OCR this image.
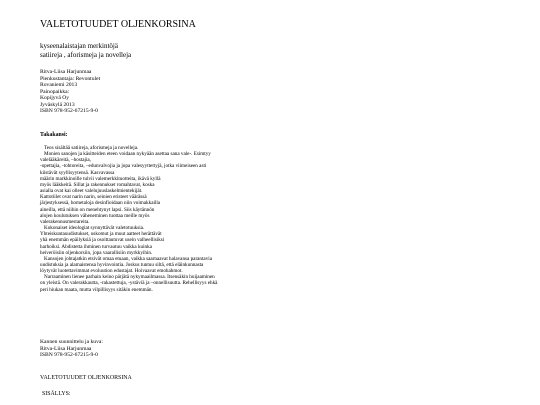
VALETOTUUDET OLJENKORSINA
kyseenalaistajan merkintöjä
satiireja , aforismeja ja novelleja
Ritva-Liisa Harjunmaa
Pienkustantaja: Revontulet
Rovaniemi 2013
Painopaikka:
Kopijyvä Oy
Jyväskylä 2013
ISBN 978-952-67215-9-0
Takakansi:
Teos sisältää satiireja, aforismeja ja novelleja.
Monien sanojen ja käsitteiden eteen voidaan nykyään asettaa sana vale-. Esimtyy
valelääkäreitä, –hostajia,
-opettajia, -tohtoreita, –edunvalvojia ja jopa valesyyttettyjä, jotka viimeiseen asti
kiistävät syyllisyytensä. Kasvavassa
määrin markkinoille tulvii valemerkkituotteita, ikävä kyllä
myös lääkkeitä. Sillat ja rakennukset romahtavat, koska
asialla ovat kai olleet valelujuuslaskelmientekijät.
Kattotiilet ovat narin narin, seinien eristeet väärässä
järjestyksessä, hometaloja desinfioidaan niin voimakkailla
aineilla, että niihin on menehtynyt lapsi. Siis käytännön
alojen koulutuksen väheneminen tuottaa meille myös
valerakennusmestareita.
Kokonaiset ideologiat synnyttävät valetotuuksia.
Yhteiskuntauudistukset, uskomut ja muut aatteet herättävät
yhä enemmän epäilyksiä ja osoittautuvat usein valheellisiksi
harhoiksi. Abdistetta ihminen turvautuu vaikka kuinka
heiveröisiin oljenkorsiin, jopa vaarallisiin myrkkyihin.
Kansojen johtajatkin etsivät omaa etuaan, vaikka saarnaavat halavansa parantavia
uudistuksia ja alamaistensa hyvinvointia. Joskus tuntuu siltä, että eläinkunnasta
löytyvät luotettavimmat evoluution edustajat. Hoivaavat emohahmot.
Narraaminen lienee parhain keino pärjätä nykymaailmassa. Itsensäkin huijaaminen
on yleistä. On valerakkautta, -rakastettuja, -ystäviä ja –onnellisuutta. Rehellisyys ehkä
peri hiukan maata, mutta vilpillisyys sitäkin enemmän.
Kannen suunnittelu ja kuva:
Ritva-Liisa Harjunmaa
ISBN 978-952-67215-9-0
VALETOTUUDET OLJENKORSINA
SISÄLLYS:
